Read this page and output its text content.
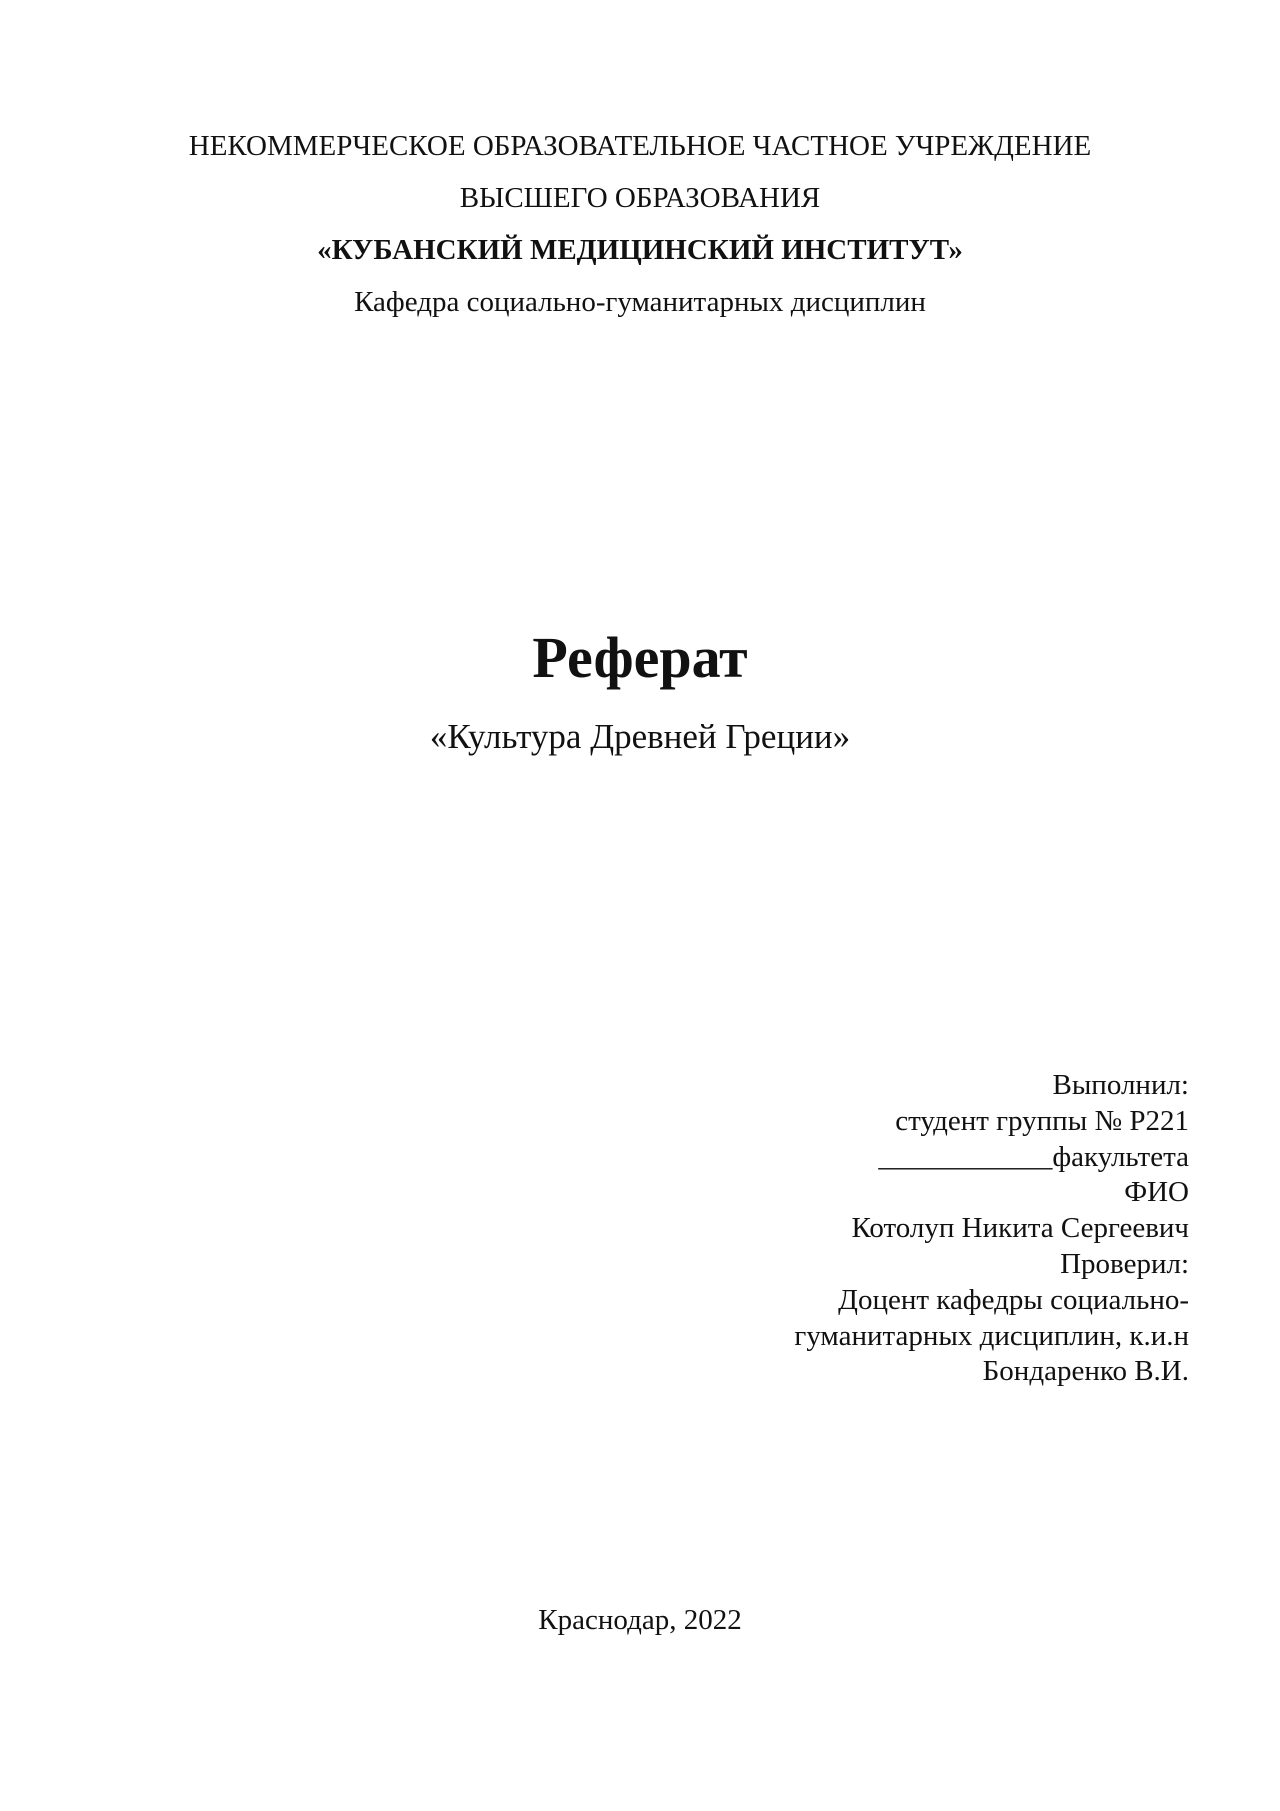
НЕКОММЕРЧЕСКОЕ ОБРАЗОВАТЕЛЬНОЕ ЧАСТНОЕ УЧРЕЖДЕНИЕ
ВЫСШЕГО ОБРАЗОВАНИЯ
«КУБАНСКИЙ МЕДИЦИНСКИЙ ИНСТИТУТ»
Кафедра социально-гуманитарных дисциплин
Реферат
«Культура Древней Греции»
Выполнил:
студент группы № Р221
____________факультета
ФИО
Котолуп Никита Сергеевич
Проверил:
Доцент кафедры социально-
гуманитарных дисциплин, к.и.н
Бондаренко В.И.
Краснодар, 2022
